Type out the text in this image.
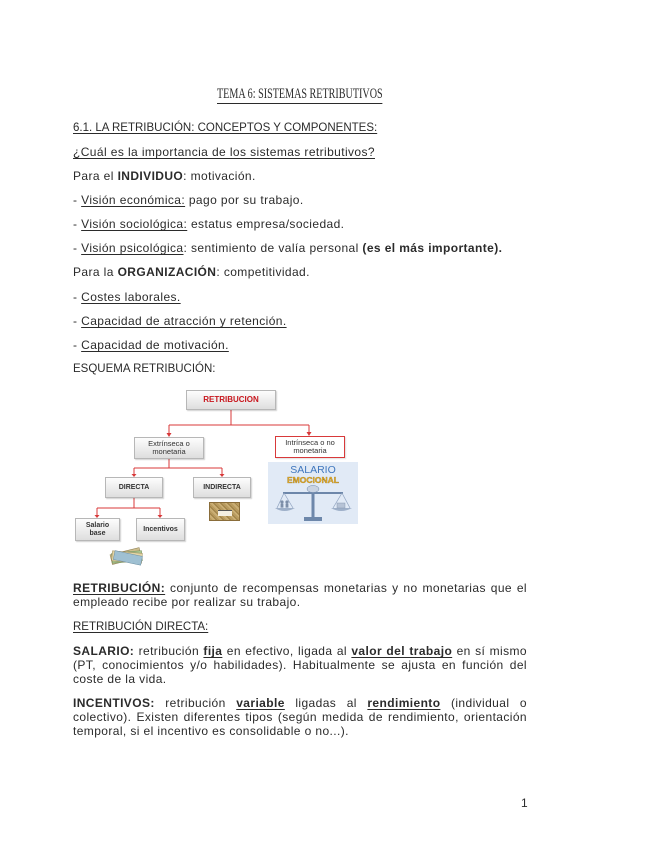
TEMA 6: SISTEMAS RETRIBUTIVOS
6.1. LA RETRIBUCIÓN: CONCEPTOS Y COMPONENTES:
¿Cuál es la importancia de los sistemas retributivos?
Para el INDIVIDUO: motivación.
- Visión económica: pago por su trabajo.
- Visión sociológica: estatus empresa/sociedad.
- Visión psicológica: sentimiento de valía personal (es el más importante).
Para la ORGANIZACIÓN: competitividad.
- Costes laborales.
- Capacidad de atracción y retención.
- Capacidad de motivación.
ESQUEMA RETRIBUCIÓN:
RETRIBUCION
Extrínseca o monetaria
Intrínseca o no monetaria
DIRECTA	INDIRECTA
Salario base
Incentivos
SALARIO
EMOCIONAL
RETRIBUCIÓN: conjunto de recompensas monetarias y no monetarias que el empleado recibe por realizar su trabajo.
RETRIBUCIÓN DIRECTA:
SALARIO: retribución fija en efectivo, ligada al valor del trabajo en sí mismo (PT, conocimientos y/o habilidades). Habitualmente se ajusta en función del coste de la vida.
INCENTIVOS: retribución variable ligadas al rendimiento (individual o colectivo). Existen diferentes tipos (según medida de rendimiento, orientación temporal, si el incentivo es consolidable o no...).
1
